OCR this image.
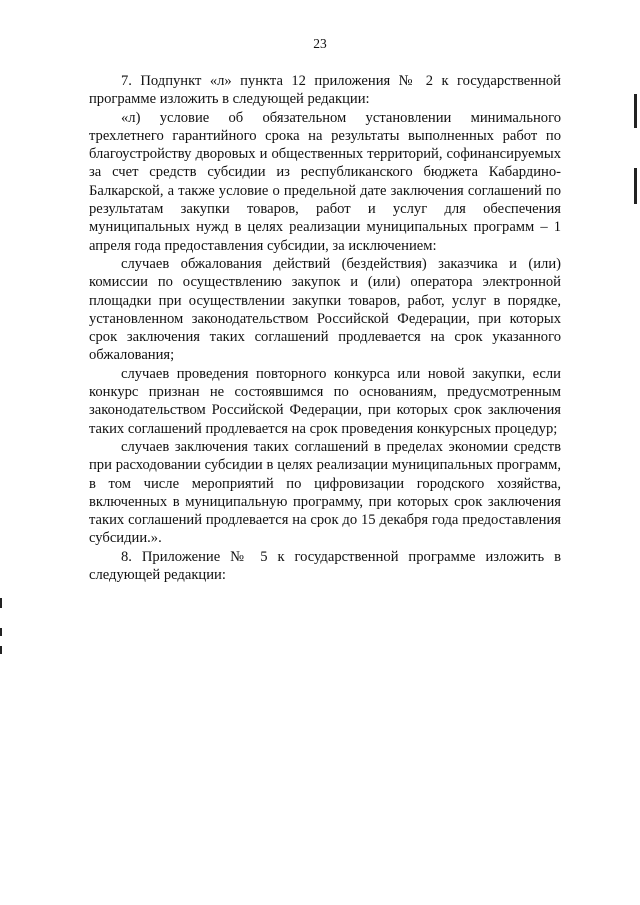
23

7. Подпункт «л» пункта 12 приложения № 2 к государственной программе изложить в следующей редакции:

«л) условие об обязательном установлении минимального трехлетнего гарантийного срока на результаты выполненных работ по благоустройству дворовых и общественных территорий, софинансируемых за счет средств субсидии из республиканского бюджета Кабардино-Балкарской, а также условие о предельной дате заключения соглашений по результатам закупки товаров, работ и услуг для обеспечения муниципальных нужд в целях реализации муниципальных программ – 1 апреля года предоставления субсидии, за исключением:

случаев обжалования действий (бездействия) заказчика и (или) комиссии по осуществлению закупок и (или) оператора электронной площадки при осуществлении закупки товаров, работ, услуг в порядке, установленном законодательством Российской Федерации, при которых срок заключения таких соглашений продлевается на срок указанного обжалования;

случаев проведения повторного конкурса или новой закупки, если конкурс признан не состоявшимся по основаниям, предусмотренным законодательством Российской Федерации, при которых срок заключения таких соглашений продлевается на срок проведения конкурсных процедур;

случаев заключения таких соглашений в пределах экономии средств при расходовании субсидии в целях реализации муниципальных программ, в том числе мероприятий по цифровизации городского хозяйства, включенных в муниципальную программу, при которых срок заключения таких соглашений продлевается на срок до 15 декабря года предоставления субсидии.».

8. Приложение № 5 к государственной программе изложить в следующей редакции:
